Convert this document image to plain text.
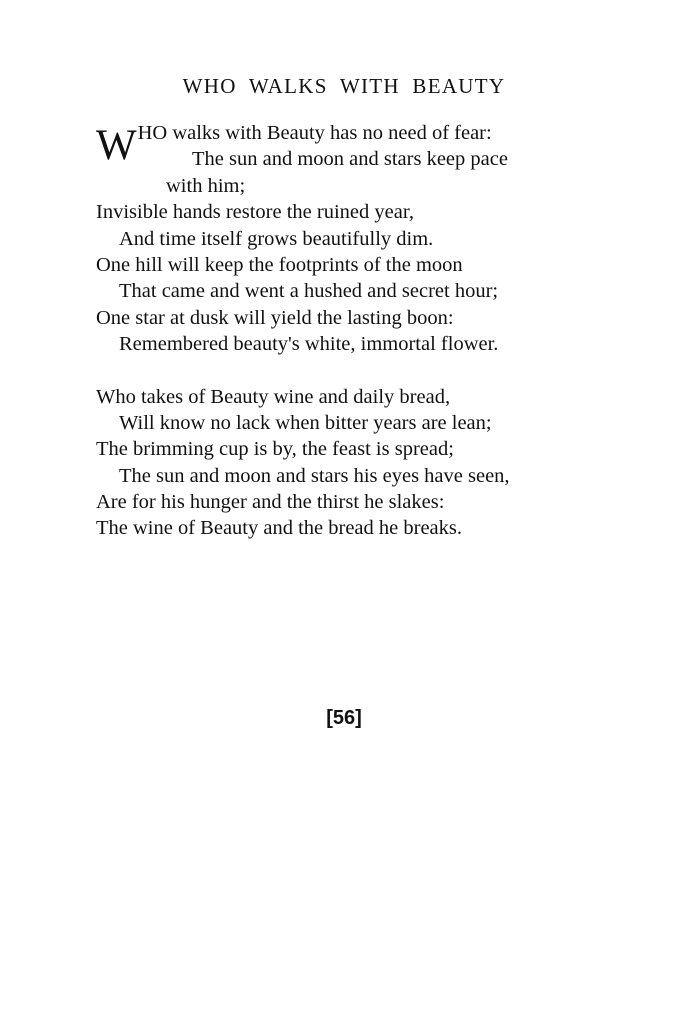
WHO WALKS WITH BEAUTY
W HO walks with Beauty has no need of fear:
The sun and moon and stars keep pace
with him;
Invisible hands restore the ruined year,
And time itself grows beautifully dim.
One hill will keep the footprints of the moon
That came and went a hushed and secret hour;
One star at dusk will yield the lasting boon:
Remembered beauty's white, immortal flower.
Who takes of Beauty wine and daily bread,
Will know no lack when bitter years are lean;
The brimming cup is by, the feast is spread;
The sun and moon and stars his eyes have seen,
Are for his hunger and the thirst he slakes:
The wine of Beauty and the bread he breaks.
[56]
